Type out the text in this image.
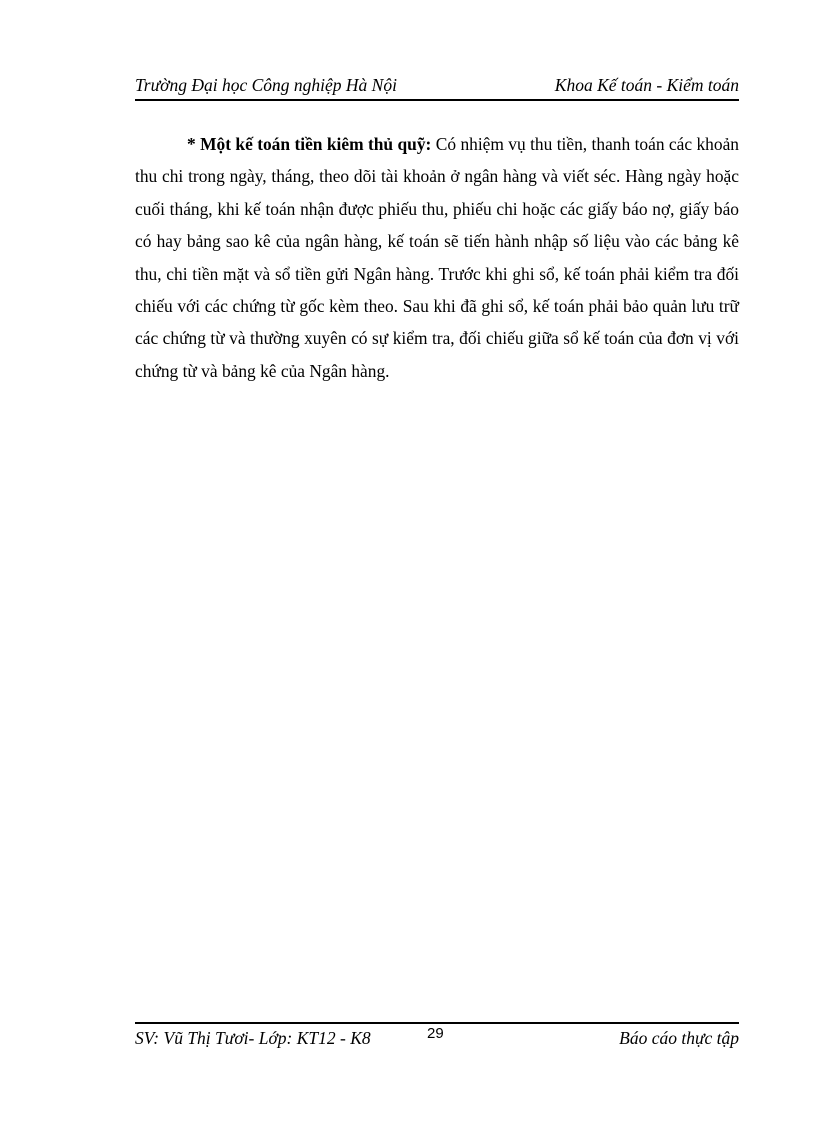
Trường Đại học Công nghiệp Hà Nội	Khoa Kế toán - Kiểm toán

* Một kế toán tiền kiêm thủ quỹ: Có nhiệm vụ thu tiền, thanh toán các khoản thu chi trong ngày, tháng, theo dõi tài khoản ở ngân hàng và viết séc. Hàng ngày hoặc cuối tháng, khi kế toán nhận được phiếu thu, phiếu chi hoặc các giấy báo nợ, giấy báo có hay bảng sao kê của ngân hàng, kế toán sẽ tiến hành nhập số liệu vào các bảng kê thu, chi tiền mặt và sổ tiền gửi Ngân hàng. Trước khi ghi sổ, kế toán phải kiểm tra đối chiếu với các chứng từ gốc kèm theo. Sau khi đã ghi sổ, kế toán phải bảo quản lưu trữ các chứng từ và thường xuyên có sự kiểm tra, đối chiếu giữa sổ kế toán của đơn vị với chứng từ và bảng kê của Ngân hàng.

SV: Vũ Thị Tươi- Lớp: KT12 - K8	29	Báo cáo thực tập
